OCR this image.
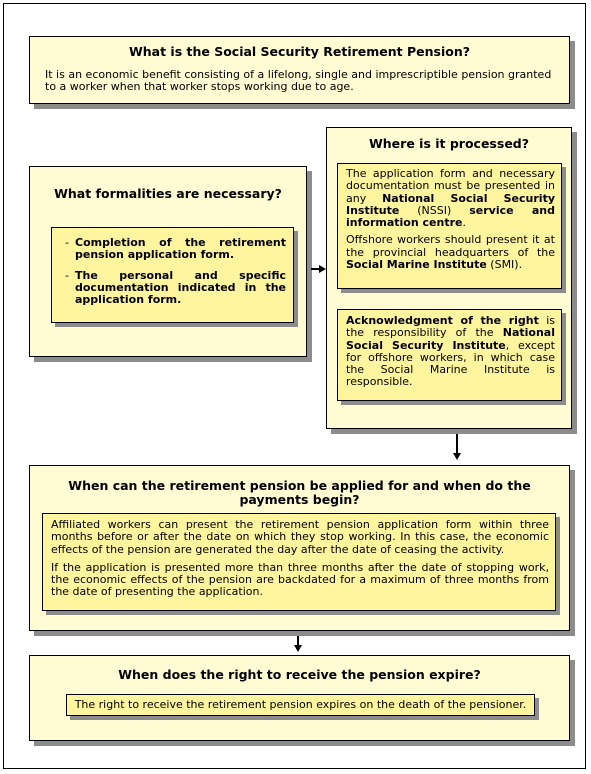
What is the Social Security Retirement Pension?

It is an economic benefit consisting of a lifelong, single and imprescriptible pension granted to a worker when that worker stops working due to age.

What formalities are necessary?
- Completion of the retirement pension application form.
- The personal and specific documentation indicated in the application form.
Where is it processed?

The application form and necessary documentation must be presented in any National Social Security Institute (NSSI) service and information centre.

Offshore workers should present it at the provincial headquarters of the Social Marine Institute (SMI).

Acknowledgment of the right is the responsibility of the National Social Security Institute, except for offshore workers, in which case the Social Marine Institute is responsible.

When can the retirement pension be applied for and when do the payments begin?

Affiliated workers can present the retirement pension application form within three months before or after the date on which they stop working. In this case, the economic effects of the pension are generated the day after the date of ceasing the activity.

If the application is presented more than three months after the date of stopping work, the economic effects of the pension are backdated for a maximum of three months from the date of presenting the application.

When does the right to receive the pension expire?

The right to receive the retirement pension expires on the death of the pensioner.
